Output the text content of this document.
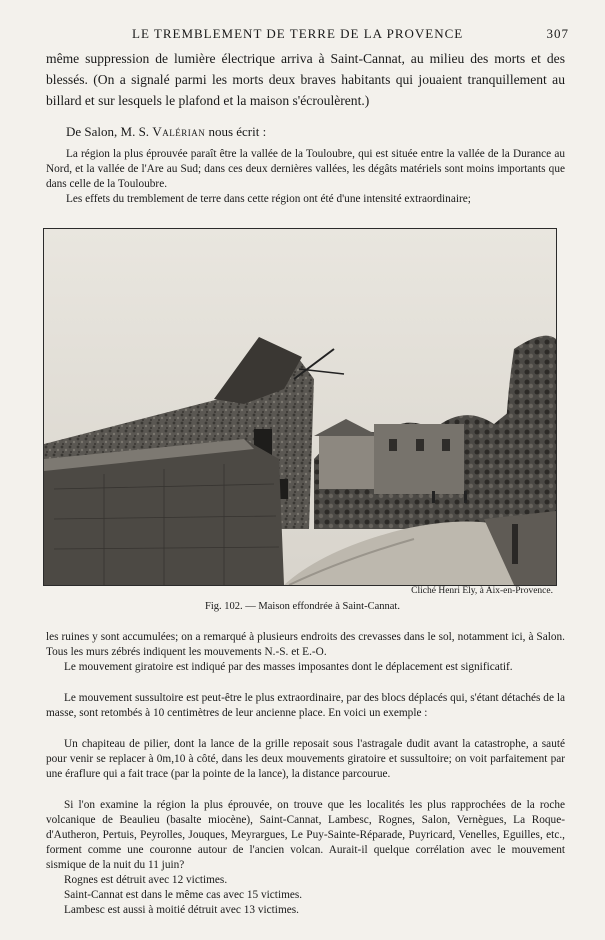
LE TREMBLEMENT DE TERRE DE LA PROVENCE	307

même suppression de lumière électrique arriva à Saint-Cannat, au milieu des morts et des blessés. (On a signalé parmi les morts deux braves habitants qui jouaient tranquillement au billard et sur lesquels le plafond et la maison s'écroulèrent.)

De Salon, M. S. Valérian nous écrit :

La région la plus éprouvée paraît être la vallée de la Touloubre, qui est située entre la vallée de la Durance au Nord, et la vallée de l'Are au Sud; dans ces deux dernières vallées, les dégâts matériels sont moins importants que dans celle de la Touloubre.

Les effets du tremblement de terre dans cette région ont été d'une intensité extraordinaire;

Cliché Henri Ely, à Aix-en-Provence.
Fig. 102. — Maison effondrée à Saint-Cannat.

les ruines y sont accumulées; on a remarqué à plusieurs endroits des crevasses dans le sol, notamment ici, à Salon. Tous les murs zébrés indiquent les mouvements N.-S. et E.-O.

Le mouvement giratoire est indiqué par des masses imposantes dont le déplacement est significatif.

Le mouvement sussultoire est peut-être le plus extraordinaire, par des blocs déplacés qui, s'étant détachés de la masse, sont retombés à 10 centimètres de leur ancienne place. En voici un exemple :

Un chapiteau de pilier, dont la lance de la grille reposait sous l'astragale dudit avant la catastrophe, a sauté pour venir se replacer à 0m,10 à côté, dans les deux mouvements giratoire et sussultoire; on voit parfaitement par une éraflure qui a fait trace (par la pointe de la lance), la distance parcourue.

Si l'on examine la région la plus éprouvée, on trouve que les localités les plus rapprochées de la roche volcanique de Beaulieu (basalte miocène), Saint-Cannat, Lambesc, Rognes, Salon, Vernègues, La Roque-d'Autheron, Pertuis, Peyrolles, Jouques, Meyrargues, Le Puy-Sainte-Réparade, Puyricard, Venelles, Eguilles, etc., forment comme une couronne autour de l'ancien volcan. Aurait-il quelque corrélation avec le mouvement sismique de la nuit du 11 juin?

Rognes est détruit avec 12 victimes.

Saint-Cannat est dans le même cas avec 15 victimes.

Lambesc est aussi à moitié détruit avec 13 victimes.
